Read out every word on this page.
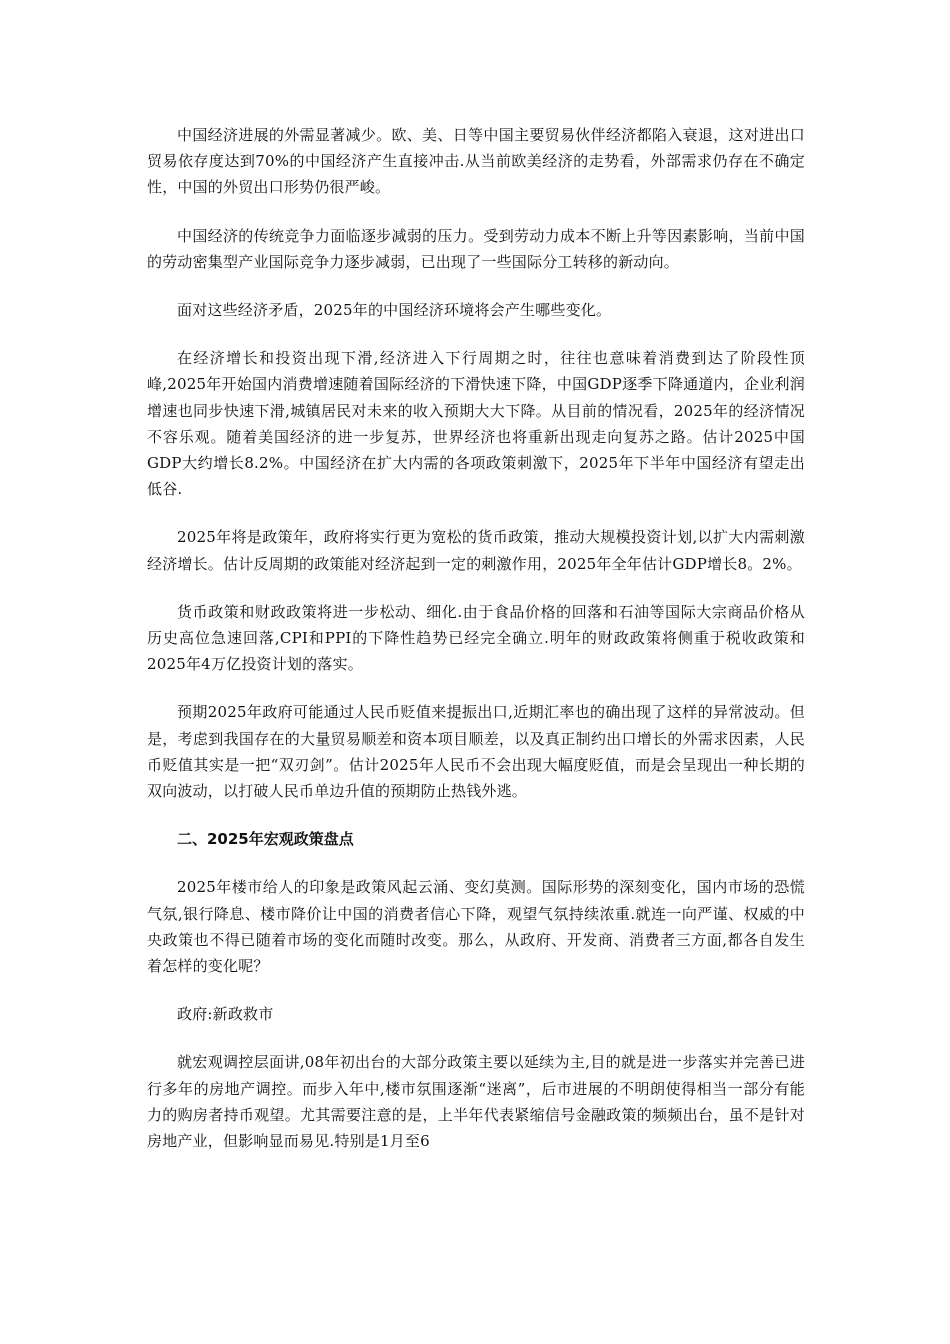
中国经济进展的外需显著减少。欧、美、日等中国主要贸易伙伴经济都陷入衰退，这对进出口贸易依存度达到70%的中国经济产生直接冲击.从当前欧美经济的走势看，外部需求仍存在不确定性，中国的外贸出口形势仍很严峻。

中国经济的传统竞争力面临逐步减弱的压力。受到劳动力成本不断上升等因素影响，当前中国的劳动密集型产业国际竞争力逐步减弱，已出现了一些国际分工转移的新动向。

面对这些经济矛盾，2025年的中国经济环境将会产生哪些变化。

在经济增长和投资出现下滑,经济进入下行周期之时，往往也意味着消费到达了阶段性顶峰,2025年开始国内消费增速随着国际经济的下滑快速下降，中国GDP逐季下降通道内，企业利润增速也同步快速下滑,城镇居民对未来的收入预期大大下降。从目前的情况看，2025年的经济情况不容乐观。随着美国经济的进一步复苏，世界经济也将重新出现走向复苏之路。估计2025中国GDP大约增长8.2%。中国经济在扩大内需的各项政策刺激下，2025年下半年中国经济有望走出低谷.

2025年将是政策年，政府将实行更为宽松的货币政策，推动大规模投资计划,以扩大内需刺激经济增长。估计反周期的政策能对经济起到一定的刺激作用，2025年全年估计GDP增长8。2%。

货币政策和财政政策将进一步松动、细化.由于食品价格的回落和石油等国际大宗商品价格从历史高位急速回落,CPI和PPI的下降性趋势已经完全确立.明年的财政政策将侧重于税收政策和2025年4万亿投资计划的落实。

预期2025年政府可能通过人民币贬值来提振出口,近期汇率也的确出现了这样的异常波动。但是，考虑到我国存在的大量贸易顺差和资本项目顺差，以及真正制约出口增长的外需求因素，人民币贬值其实是一把“双刃剑”。估计2025年人民币不会出现大幅度贬值，而是会呈现出一种长期的双向波动，以打破人民币单边升值的预期防止热钱外逃。

二、2025年宏观政策盘点

2025年楼市给人的印象是政策风起云涌、变幻莫测。国际形势的深刻变化，国内市场的恐慌气氛,银行降息、楼市降价让中国的消费者信心下降，观望气氛持续浓重.就连一向严谨、权威的中央政策也不得已随着市场的变化而随时改变。那么，从政府、开发商、消费者三方面,都各自发生着怎样的变化呢？

政府:新政救市

就宏观调控层面讲,08年初出台的大部分政策主要以延续为主,目的就是进一步落实并完善已进行多年的房地产调控。而步入年中,楼市氛围逐渐“迷离”，后市进展的不明朗使得相当一部分有能力的购房者持币观望。尤其需要注意的是，上半年代表紧缩信号金融政策的频频出台，虽不是针对房地产业，但影响显而易见.特别是1月至6
